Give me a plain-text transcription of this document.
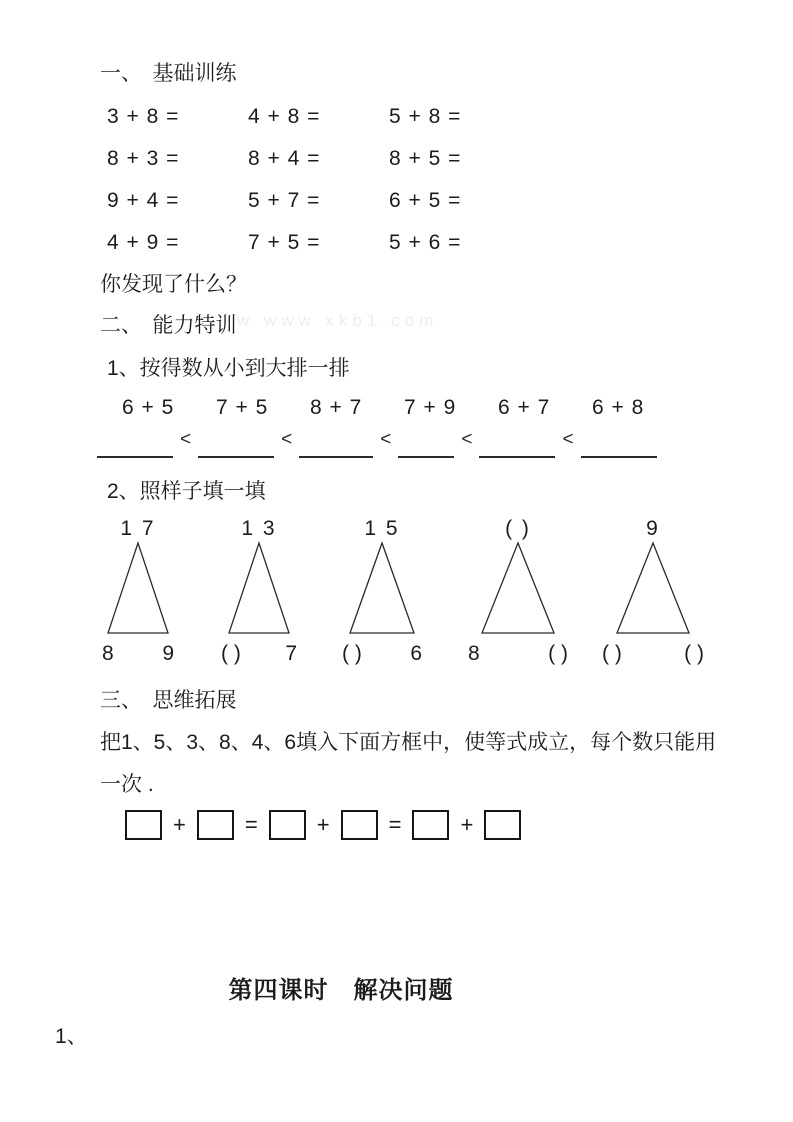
一、　基础训练
3 + 8 =	4 + 8 =	5 + 8 =
8 + 3 =	8 + 4 =	8 + 5 =
9 + 4 =	5 + 7 =	6 + 5 =
4 + 9 =	7 + 5 =	5 + 6 =
你发现了什么？
二、　能力特训 w www xkb1.com
1、按得数从小到大排一排
6 + 5	7 + 5	8 + 7	7 + 9	6 + 7	6 + 8
<	<	<	<	<
2、照样子填一填
1 7
8 9
1 3
( ) 7
1 5
( ) 6
( )
8	( )
9
( )	( )
三、　思维拓展
把1、5、3、8、4、6填入下面方框中，使等式成立，每个数只能用
一次 .
+	=	+	=	+
第四课时　解决问题
1、
